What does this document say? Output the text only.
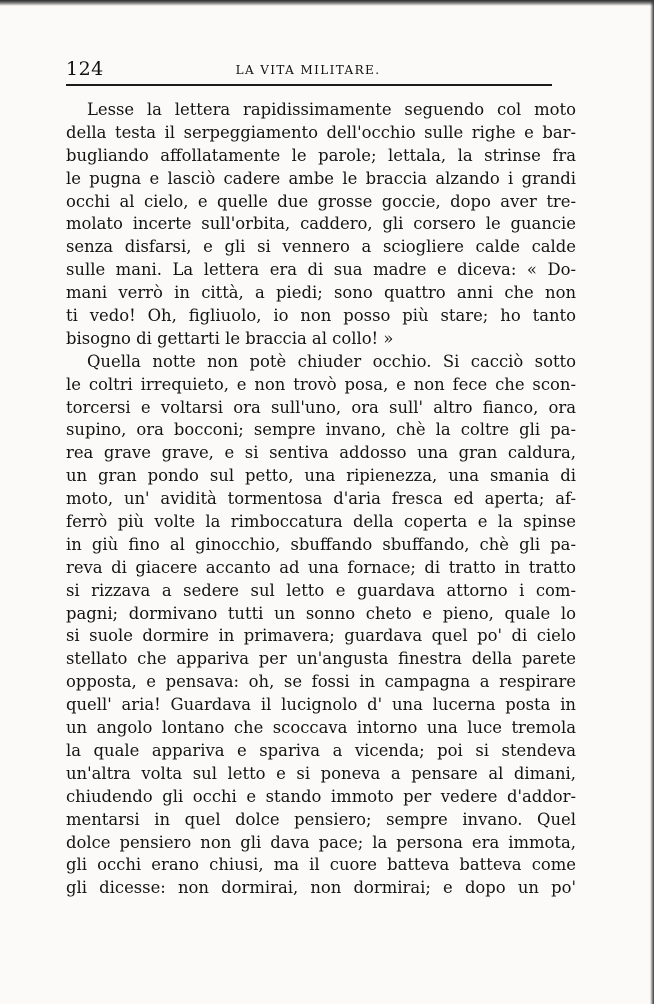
124	LA VITA MILITARE.
Lesse la lettera rapidissimamente seguendo col moto
della testa il serpeggiamento dell'occhio sulle righe e bar-
bugliando affollatamente le parole; lettala, la strinse fra
le pugna e lasciò cadere ambe le braccia alzando i grandi
occhi al cielo, e quelle due grosse goccie, dopo aver tre-
molato incerte sull'orbita, caddero, gli corsero le guancie
senza disfarsi, e gli si vennero a sciogliere calde calde
sulle mani. La lettera era di sua madre e diceva: « Do-
mani verrò in città, a piedi; sono quattro anni che non
ti vedo! Oh, figliuolo, io non posso più stare; ho tanto
bisogno di gettarti le braccia al collo! »
Quella notte non potè chiuder occhio. Si cacciò sotto
le coltri irrequieto, e non trovò posa, e non fece che scon-
torcersi e voltarsi ora sull'uno, ora sull' altro fianco, ora
supino, ora bocconi; sempre invano, chè la coltre gli pa-
rea grave grave, e si sentiva addosso una gran caldura,
un gran pondo sul petto, una ripienezza, una smania di
moto, un' avidità tormentosa d'aria fresca ed aperta; af-
ferrò più volte la rimboccatura della coperta e la spinse
in giù fino al ginocchio, sbuffando sbuffando, chè gli pa-
reva di giacere accanto ad una fornace; di tratto in tratto
si rizzava a sedere sul letto e guardava attorno i com-
pagni; dormivano tutti un sonno cheto e pieno, quale lo
si suole dormire in primavera; guardava quel po' di cielo
stellato che appariva per un'angusta finestra della parete
opposta, e pensava: oh, se fossi in campagna a respirare
quell' aria! Guardava il lucignolo d' una lucerna posta in
un angolo lontano che scoccava intorno una luce tremola
la quale appariva e spariva a vicenda; poi si stendeva
un'altra volta sul letto e si poneva a pensare al dimani,
chiudendo gli occhi e stando immoto per vedere d'addor-
mentarsi in quel dolce pensiero; sempre invano. Quel
dolce pensiero non gli dava pace; la persona era immota,
gli occhi erano chiusi, ma il cuore batteva batteva come
gli dicesse: non dormirai, non dormirai; e dopo un po'
